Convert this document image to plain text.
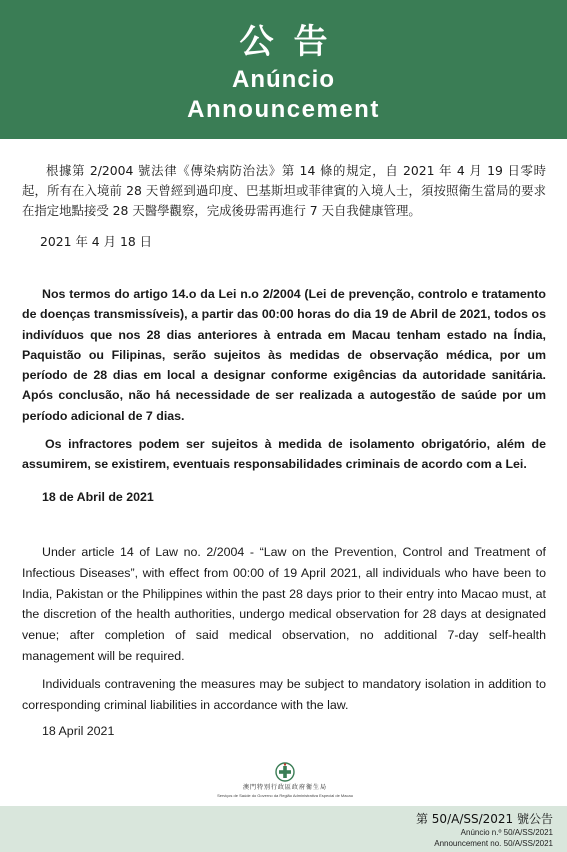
公告
Anúncio
Announcement
根據第 2/2004 號法律《傳染病防治法》第 14 條的規定，自 2021 年 4 月 19 日零時起，所有在入境前 28 天曾經到過印度、巴基斯坦或菲律賓的入境人士，須按照衛生當局的要求在指定地點接受 28 天醫學觀察，完成後毋需再進行 7 天自我健康管理。
2021 年 4 月 18 日
Nos termos do artigo 14.o da Lei n.o 2/2004 (Lei de prevenção, controlo e tratamento de doenças transmissíveis), a partir das 00:00 horas do dia 19 de Abril de 2021, todos os indivíduos que nos 28 dias anteriores à entrada em Macau tenham estado na Índia, Paquistão ou Filipinas, serão sujeitos às medidas de observação médica, por um período de 28 dias em local a designar conforme exigências da autoridade sanitária. Após conclusão, não há necessidade de ser realizada a autogestão de saúde por um período adicional de 7 dias.
Os infractores podem ser sujeitos à medida de isolamento obrigatório, além de assumirem, se existirem, eventuais responsabilidades criminais de acordo com a Lei.
18 de Abril de 2021
Under article 14 of Law no. 2/2004 - “Law on the Prevention, Control and Treatment of Infectious Diseases”, with effect from 00:00 of 19 April 2021, all individuals who have been to India, Pakistan or the Philippines within the past 28 days prior to their entry into Macao must, at the discretion of the health authorities, undergo medical observation for 28 days at designated venue; after completion of said medical observation, no additional 7-day self-health management will be required.
Individuals contravening the measures may be subject to mandatory isolation in addition to corresponding criminal liabilities in accordance with the law.
18 April 2021
澳門特別行政區政府衛生局
Serviços de Saúde do Governo da Região Administrativa Especial de Macau
第 50/A/SS/2021 號公告
Anúncio n.º 50/A/SS/2021
Announcement no. 50/A/SS/2021
